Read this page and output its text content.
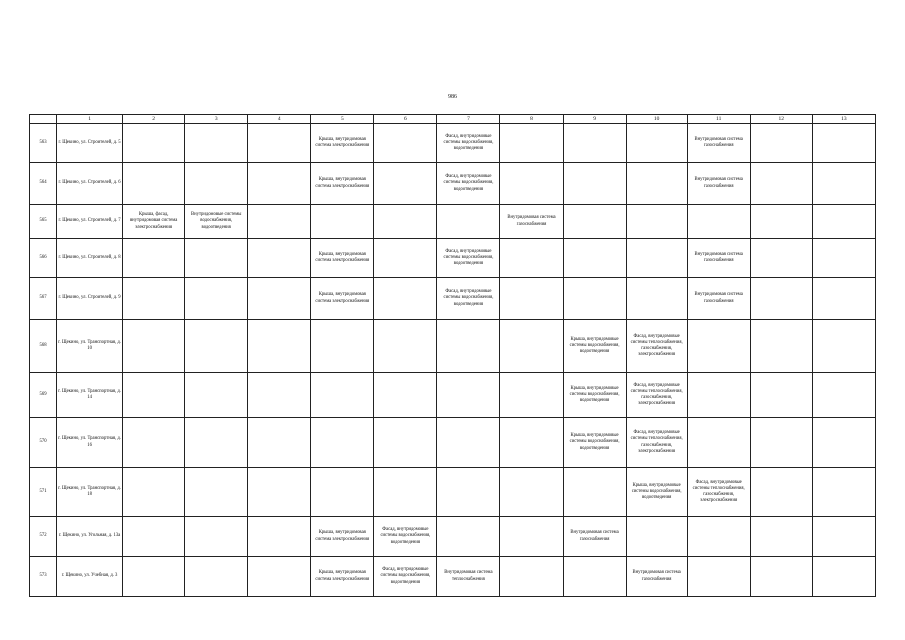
986
	1	2	3	4	5	6	7	8	9	10	11	12	13
563	г. Щекино, ул. Строителей, д. 5				Крыша, внутридомовая система электроснабжения		Фасад, внутридомовые системы водоснабжения, водоотведения				Внутридомовая система газоснабжения		
564	г. Щекино, ул. Строителей, д. 6				Крыша, внутридомовая система электроснабжения		Фасад, внутридомовые системы водоснабжения, водоотведения				Внутридомовая система газоснабжения		
565	г. Щекино, ул. Строителей, д. 7	Крыша, фасад, внутридомовая система электроснабжения	Внутридомовые системы водоснабжения, водоотведения					Внутридомовая система газоснабжения					
566	г. Щекино, ул. Строителей, д. 8				Крыша, внутридомовая система электроснабжения		Фасад, внутридомовые системы водоснабжения, водоотведения				Внутридомовая система газоснабжения		
567	г. Щекино, ул. Строителей, д. 9				Крыша, внутридомовая система электроснабжения		Фасад, внутридомовые системы водоснабжения, водоотведения				Внутридомовая система газоснабжения		
568	г. Щекино, ул. Транспортная, д. 10								Крыша, внутридомовые системы водоснабжения, водоотведения	Фасад, внутридомовые системы теплоснабжения, газоснабжения, электроснабжения			
569	г. Щекино, ул. Транспортная, д. 14								Крыша, внутридомовые системы водоснабжения, водоотведения	Фасад, внутридомовые системы теплоснабжения, газоснабжения, электроснабжения			
570	г. Щекино, ул. Транспортная, д. 16								Крыша, внутридомовые системы водоснабжения, водоотведения	Фасад, внутридомовые системы теплоснабжения, газоснабжения, электроснабжения			
571	г. Щекино, ул. Транспортная, д. 18									Крыша, внутридомовые системы водоснабжения, водоотведения	Фасад, внутридомовые системы теплоснабжения, газоснабжения, электроснабжения		
572	г. Щекино, ул. Угольная, д. 13а				Крыша, внутридомовая система электроснабжения	Фасад, внутридомовые системы водоснабжения, водоотведения			Внутридомовая система газоснабжения				
573	г. Щекино, ул. Учебная, д. 3				Крыша, внутридомовая система электроснабжения	Фасад, внутридомовые системы водоснабжения, водоотведения	Внутридомовая система теплоснабжения			Внутридомовая система газоснабжения			
